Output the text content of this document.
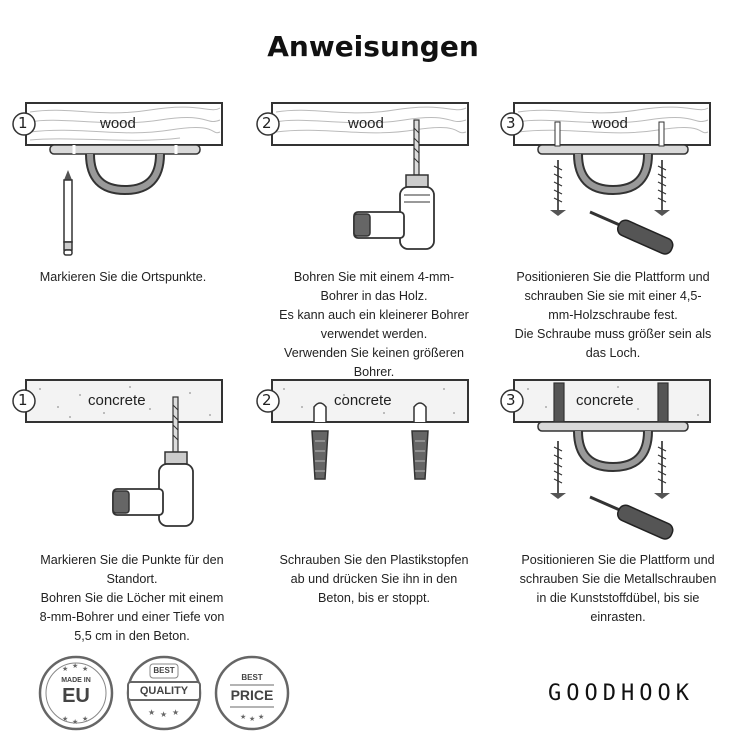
Anweisungen
1	wood	2	wood	3	wood
Markieren Sie die Ortspunkte.	Bohren Sie mit einem 4-mm-
Bohrer in das Holz.
Es kann auch ein kleinerer Bohrer
verwendet werden.
Verwenden Sie keinen größeren
Bohrer.
Positionieren Sie die Plattform und
schrauben Sie sie mit einer 4,5-
mm-Holzschraube fest.
Die Schraube muss größer sein als
das Loch.
1	concrete	2	concrete	3	concrete
Markieren Sie die Punkte für den
Standort.
Bohren Sie die Löcher mit einem
8-mm-Bohrer und einer Tiefe von
5,5 cm in den Beton.
Schrauben Sie den Plastikstopfen
ab und drücken Sie ihn in den
Beton, bis er stoppt.
Positionieren Sie die Plattform und
schrauben Sie die Metallschrauben
in die Kunststoffdübel, bis sie
einrasten.
★ ★ ★
★ ★ ★
MADE IN
EU
★ ★ ★
BEST
QUALITY
★ ★ ★
BEST
PRICE	GOODHOOK
